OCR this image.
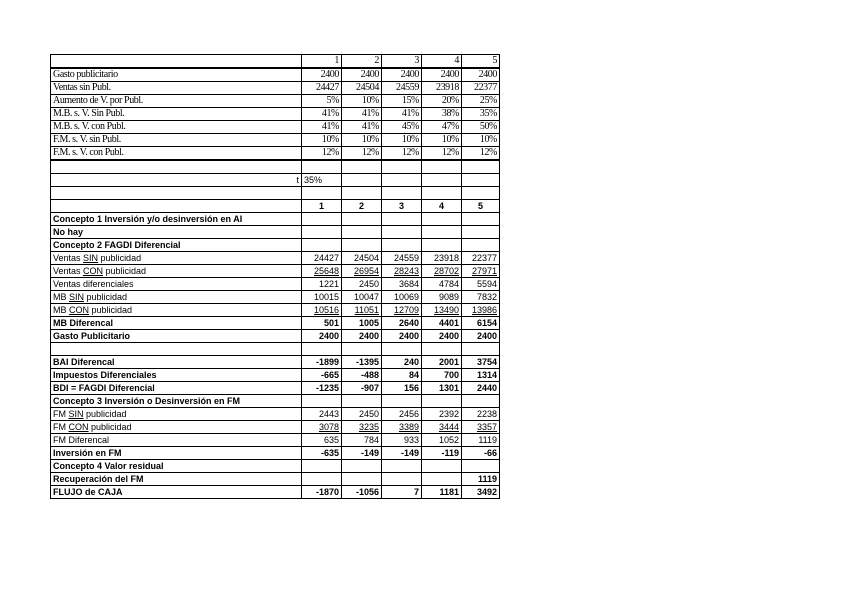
	1	2	3	4	5
Gasto publicitario	2400	2400	2400	2400	2400
Ventas sin Publ.	24427	24504	24559	23918	22377
Aumento de V. por Publ.	5%	10%	15%	20%	25%
M.B. s. V. Sin Publ.	41%	41%	41%	38%	35%
M.B. s. V. con Publ.	41%	41%	45%	47%	50%
F.M. s. V. sin Publ.	10%	10%	10%	10%	10%
F.M. s. V. con Publ.	12%	12%	12%	12%	12%

t	35%				

	1	2	3	4	5
Concepto 1 Inversión y/o desinversión en AI					
No hay					
Concepto 2 FAGDI Diferencial					
Ventas SIN publicidad	24427	24504	24559	23918	22377
Ventas CON publicidad	25648	26954	28243	28702	27971
Ventas diferenciales	1221	2450	3684	4784	5594
MB SIN publicidad	10015	10047	10069	9089	7832
MB CON publicidad	10516	11051	12709	13490	13986
MB Diferencal	501	1005	2640	4401	6154
Gasto Publicitario	2400	2400	2400	2400	2400

BAI Diferencal	-1899	-1395	240	2001	3754
Impuestos Diferenciales	-665	-488	84	700	1314
BDI = FAGDI Diferencial	-1235	-907	156	1301	2440
Concepto 3 Inversión o Desinversión en FM					
FM SIN publicidad	2443	2450	2456	2392	2238
FM CON publicidad	3078	3235	3389	3444	3357
FM Diferencal	635	784	933	1052	1119
Inversión en FM	-635	-149	-149	-119	-66
Concepto 4 Valor residual					
Recuperación del FM					1119
FLUJO de CAJA	-1870	-1056	7	1181	3492
